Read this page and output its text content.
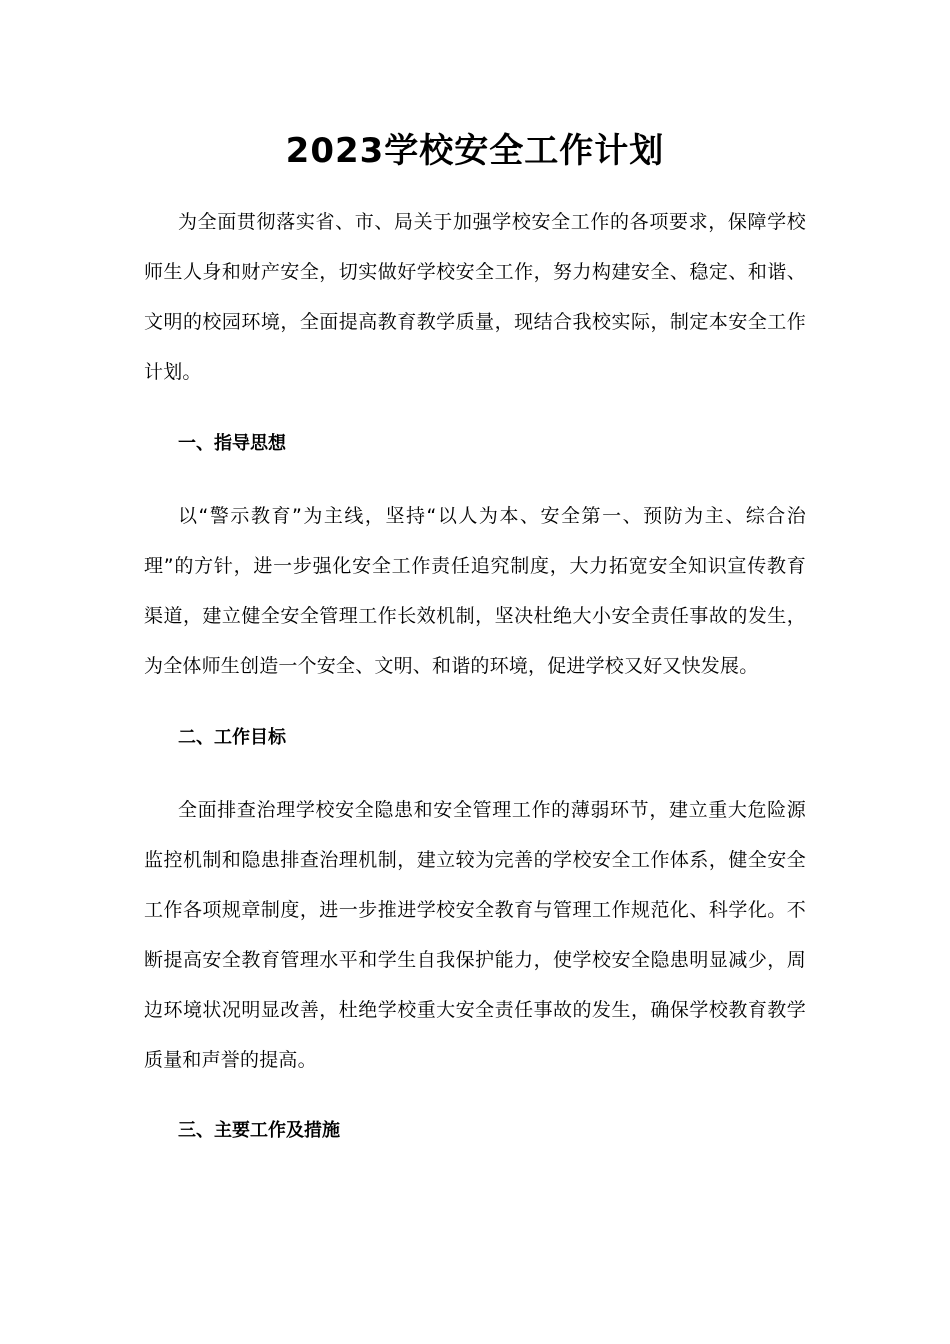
2023学校安全工作计划

为全面贯彻落实省、市、局关于加强学校安全工作的各项要求，保障学校师生人身和财产安全，切实做好学校安全工作，努力构建安全、稳定、和谐、文明的校园环境，全面提高教育教学质量，现结合我校实际，制定本安全工作计划。

一、指导思想

以“警示教育”为主线，坚持“以人为本、安全第一、预防为主、综合治理”的方针，进一步强化安全工作责任追究制度，大力拓宽安全知识宣传教育渠道，建立健全安全管理工作长效机制，坚决杜绝大小安全责任事故的发生，为全体师生创造一个安全、文明、和谐的环境，促进学校又好又快发展。

二、工作目标

全面排查治理学校安全隐患和安全管理工作的薄弱环节，建立重大危险源监控机制和隐患排查治理机制，建立较为完善的学校安全工作体系，健全安全工作各项规章制度，进一步推进学校安全教育与管理工作规范化、科学化。不断提高安全教育管理水平和学生自我保护能力，使学校安全隐患明显减少，周边环境状况明显改善，杜绝学校重大安全责任事故的发生，确保学校教育教学质量和声誉的提高。

三、主要工作及措施
